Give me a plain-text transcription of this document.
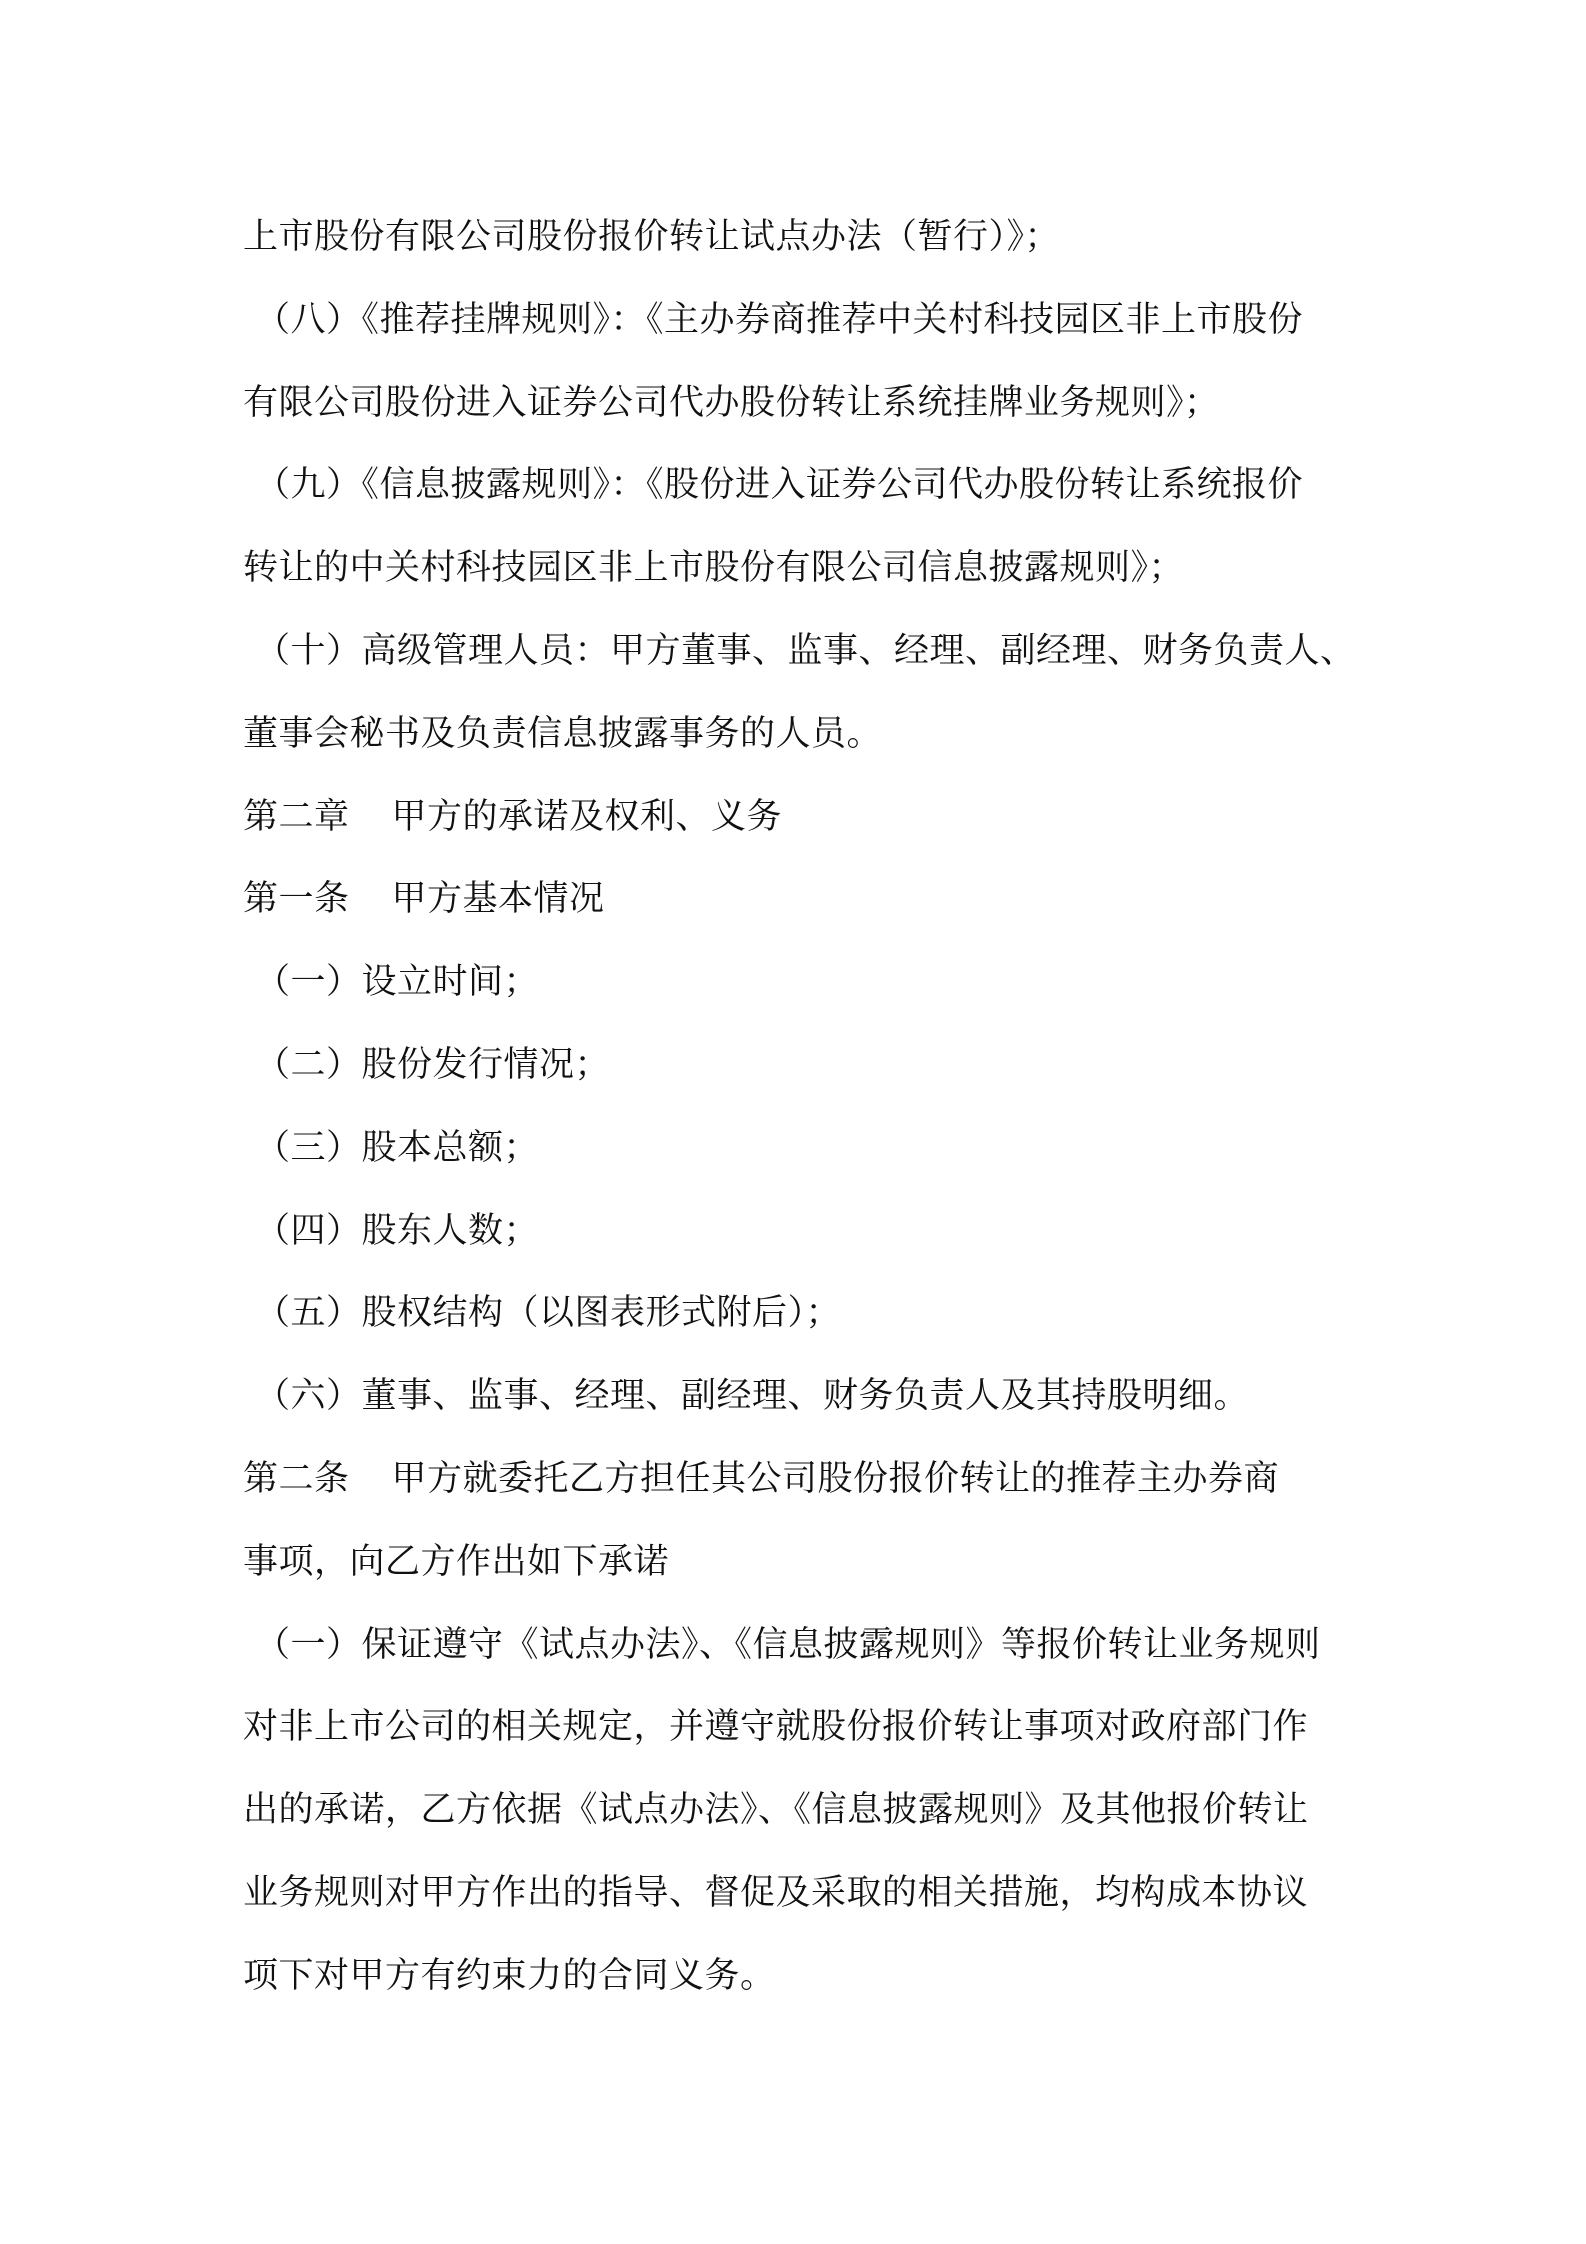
上市股份有限公司股份报价转让试点办法（暂行）》；
（八）《推荐挂牌规则》：《主办券商推荐中关村科技园区非上市股份
有限公司股份进入证券公司代办股份转让系统挂牌业务规则》；
（九）《信息披露规则》：《股份进入证券公司代办股份转让系统报价
转让的中关村科技园区非上市股份有限公司信息披露规则》；
（十）高级管理人员：甲方董事、监事、经理、副经理、财务负责人、
董事会秘书及负责信息披露事务的人员。
第二章 甲方的承诺及权利、义务
第一条 甲方基本情况
（一）设立时间；
（二）股份发行情况；
（三）股本总额；
（四）股东人数；
（五）股权结构（以图表形式附后）；
（六）董事、监事、经理、副经理、财务负责人及其持股明细。
第二条 甲方就委托乙方担任其公司股份报价转让的推荐主办券商
事项，向乙方作出如下承诺
（一）保证遵守《试点办法》、《信息披露规则》等报价转让业务规则
对非上市公司的相关规定，并遵守就股份报价转让事项对政府部门作
出的承诺，乙方依据《试点办法》、《信息披露规则》及其他报价转让
业务规则对甲方作出的指导、督促及采取的相关措施，均构成本协议
项下对甲方有约束力的合同义务。
